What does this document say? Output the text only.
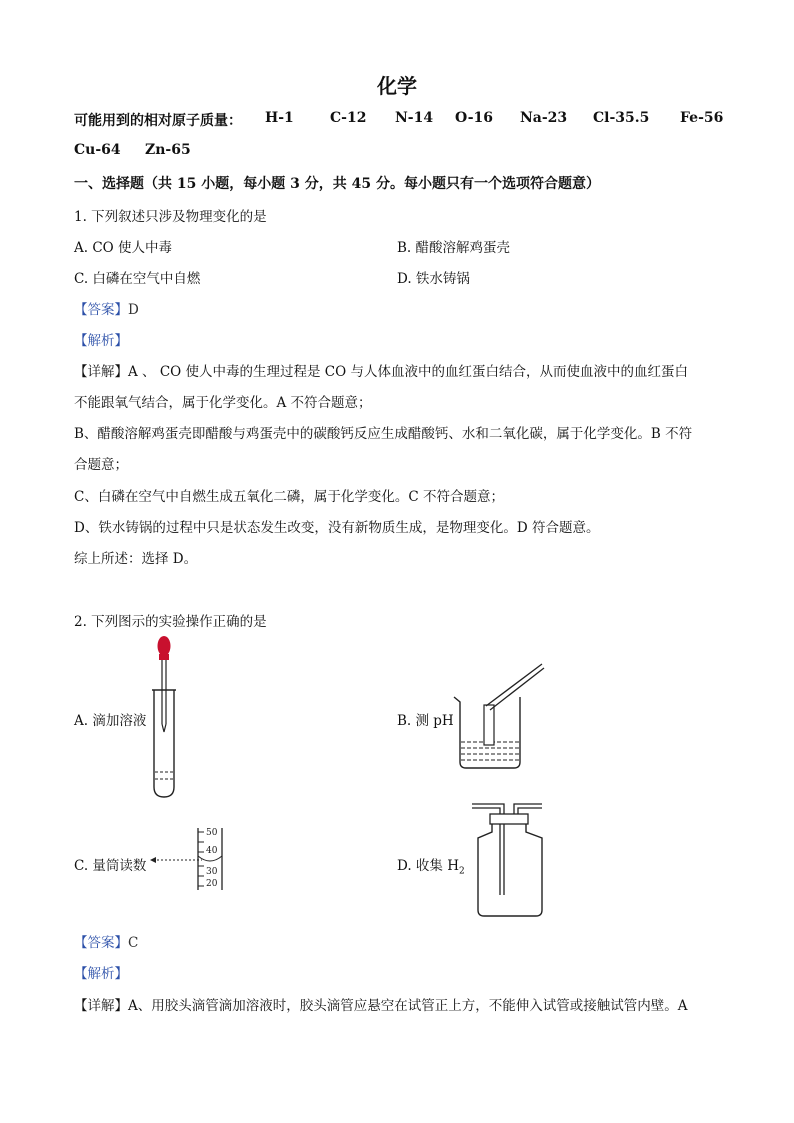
化学
可能用到的相对原子质量： H-1	C-12 N-14 O-16 Na-23 Cl-35.5 Fe-56
Cu-64 Zn-65
一、选择题（共 15 小题，每小题 3 分，共 45 分。每小题只有一个选项符合题意）
1. 下列叙述只涉及物理变化的是
A. CO 使人中毒	B. 醋酸溶解鸡蛋壳
C. 白磷在空气中自燃	D. 铁水铸锅
【答案】D
【解析】
【详解】A 、 CO 使人中毒的生理过程是 CO 与人体血液中的血红蛋白结合，从而使血液中的血红蛋白
不能跟氧气结合，属于化学变化。A 不符合题意；
B、醋酸溶解鸡蛋壳即醋酸与鸡蛋壳中的碳酸钙反应生成醋酸钙、水和二氧化碳，属于化学变化。B 不符
合题意；
C、白磷在空气中自燃生成五氧化二磷，属于化学变化。C 不符合题意；
D、铁水铸锅的过程中只是状态发生改变，没有新物质生成，是物理变化。D 符合题意。
综上所述：选择 D。
2. 下列图示的实验操作正确的是
A. 滴加溶液	B. 测 pH
C. 量筒读数
50
40
30
20
D. 收集 $H_2$
【答案】C
【解析】
【详解】A、用胶头滴管滴加溶液时，胶头滴管应悬空在试管正上方，不能伸入试管或接触试管内壁。A
